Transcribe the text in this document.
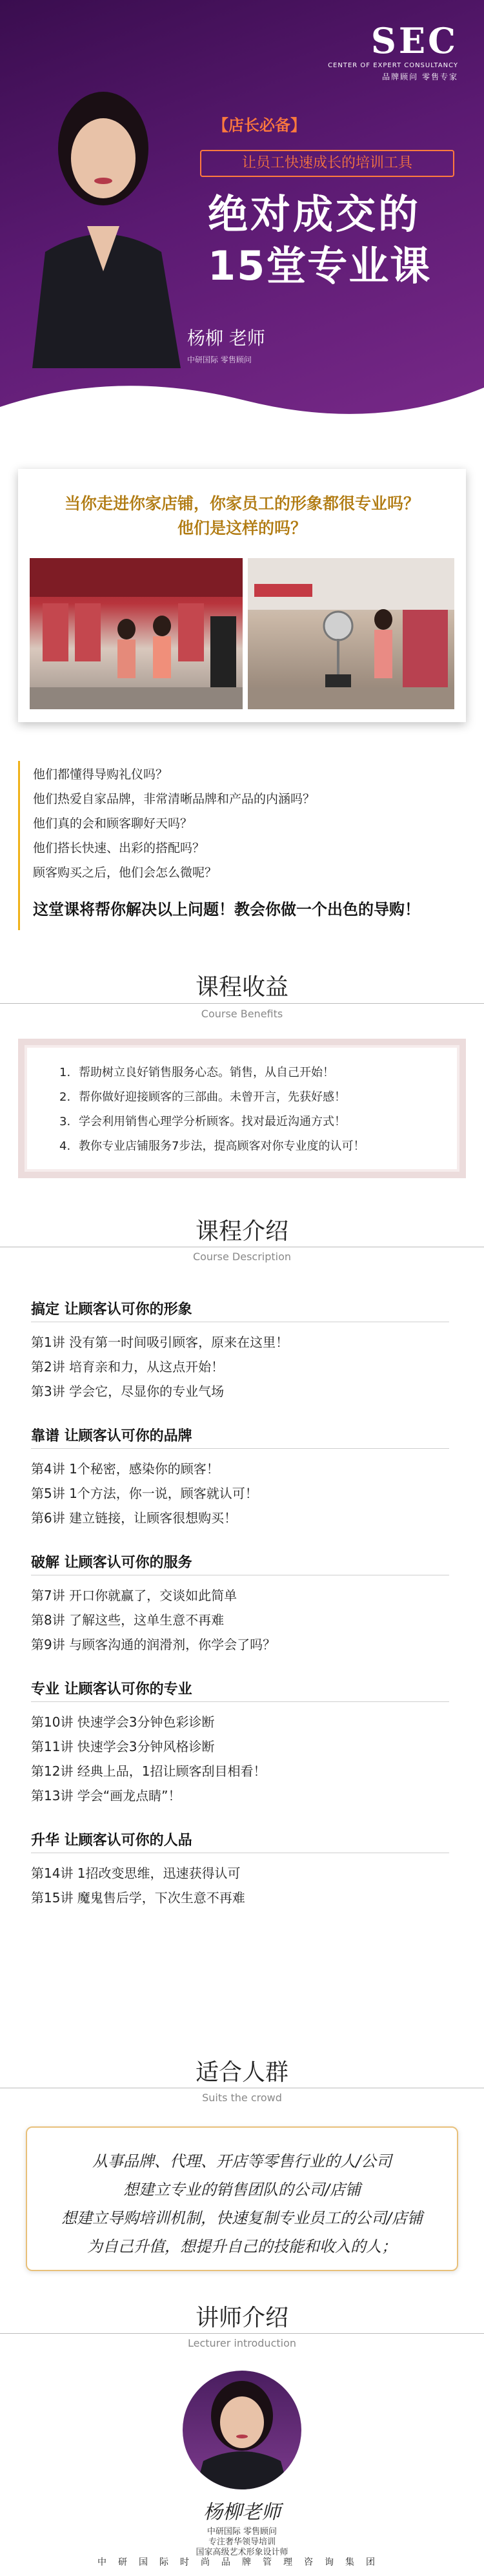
SEC
CENTER OF EXPERT CONSULTANCY
品牌顾问 零售专家
【店长必备】
让员工快速成长的培训工具
绝对成交的
15堂专业课
杨柳 老师
中研国际 零售顾问
当你走进你家店铺，你家员工的形象都很专业吗？
他们是这样的吗？
他们都懂得导购礼仪吗？
他们热爱自家品牌，非常清晰品牌和产品的内涵吗？
他们真的会和顾客聊好天吗？
他们搭长快速、出彩的搭配吗？
顾客购买之后，他们会怎么微呢？
这堂课将帮你解决以上问题！教会你做一个出色的导购！
课程收益
Course Benefits
1. 帮助树立良好销售服务心态。销售，从自己开始！
2. 帮你做好迎接顾客的三部曲。未曾开言，先获好感！
3. 学会利用销售心理学分析顾客。找对最近沟通方式！
4. 教你专业店铺服务7步法，提高顾客对你专业度的认可！
课程介绍
Course Description
搞定 让顾客认可你的形象
第1讲 没有第一时间吸引顾客，原来在这里！
第2讲 培育亲和力，从这点开始！
第3讲 学会它，尽显你的专业气场
靠谱 让顾客认可你的品牌
第4讲 1个秘密，感染你的顾客！
第5讲 1个方法，你一说，顾客就认可！
第6讲 建立链接，让顾客很想购买！
破解 让顾客认可你的服务
第7讲 开口你就赢了，交谈如此简单
第8讲 了解这些，这单生意不再难
第9讲 与顾客沟通的润滑剂，你学会了吗？
专业 让顾客认可你的专业
第10讲 快速学会3分钟色彩诊断
第11讲 快速学会3分钟风格诊断
第12讲 经典上品，1招让顾客刮目相看！
第13讲 学会“画龙点睛”！
升华 让顾客认可你的人品
第14讲 1招改变思维，迅速获得认可
第15讲 魔鬼售后学，下次生意不再难
适合人群
Suits the crowd
从事品牌、代理、开店等零售行业的人/公司
想建立专业的销售团队的公司/店铺
想建立导购培训机制，快速复制专业员工的公司/店铺
为自己升值，想提升自己的技能和收入的人；
讲师介绍
Lecturer introduction
杨柳老师
中研国际 零售顾问
专注奢华领导培训
国家高级艺术形象设计师
中研国际时尚品牌管理咨询集团
